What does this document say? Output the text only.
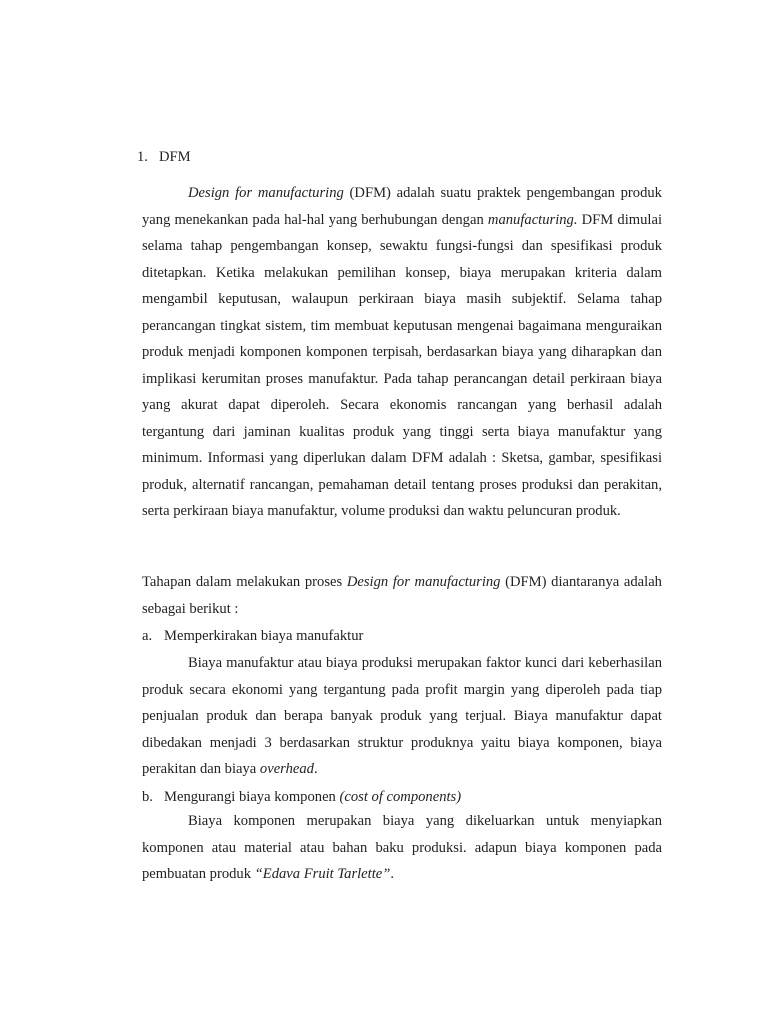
1. DFM

Design for manufacturing (DFM) adalah suatu praktek pengembangan produk yang menekankan pada hal-hal yang berhubungan dengan manufacturing. DFM dimulai selama tahap pengembangan konsep, sewaktu fungsi-fungsi dan spesifikasi produk ditetapkan. Ketika melakukan pemilihan konsep, biaya merupakan kriteria dalam mengambil keputusan, walaupun perkiraan biaya masih subjektif. Selama tahap perancangan tingkat sistem, tim membuat keputusan mengenai bagaimana menguraikan produk menjadi komponen komponen terpisah, berdasarkan biaya yang diharapkan dan implikasi kerumitan proses manufaktur. Pada tahap perancangan detail perkiraan biaya yang akurat dapat diperoleh. Secara ekonomis rancangan yang berhasil adalah tergantung dari jaminan kualitas produk yang tinggi serta biaya manufaktur yang minimum. Informasi yang diperlukan dalam DFM adalah : Sketsa, gambar, spesifikasi produk, alternatif rancangan, pemahaman detail tentang proses produksi dan perakitan, serta perkiraan biaya manufaktur, volume produksi dan waktu peluncuran produk.

Tahapan dalam melakukan proses Design for manufacturing (DFM) diantaranya adalah sebagai berikut :

a. Memperkirakan biaya manufaktur

Biaya manufaktur atau biaya produksi merupakan faktor kunci dari keberhasilan produk secara ekonomi yang tergantung pada profit margin yang diperoleh pada tiap penjualan produk dan berapa banyak produk yang terjual. Biaya manufaktur dapat dibedakan menjadi 3 berdasarkan struktur produknya yaitu biaya komponen, biaya perakitan dan biaya overhead.

b. Mengurangi biaya komponen (cost of components)

Biaya komponen merupakan biaya yang dikeluarkan untuk menyiapkan komponen atau material atau bahan baku produksi. adapun biaya komponen pada pembuatan produk “Edava Fruit Tarlette”.
